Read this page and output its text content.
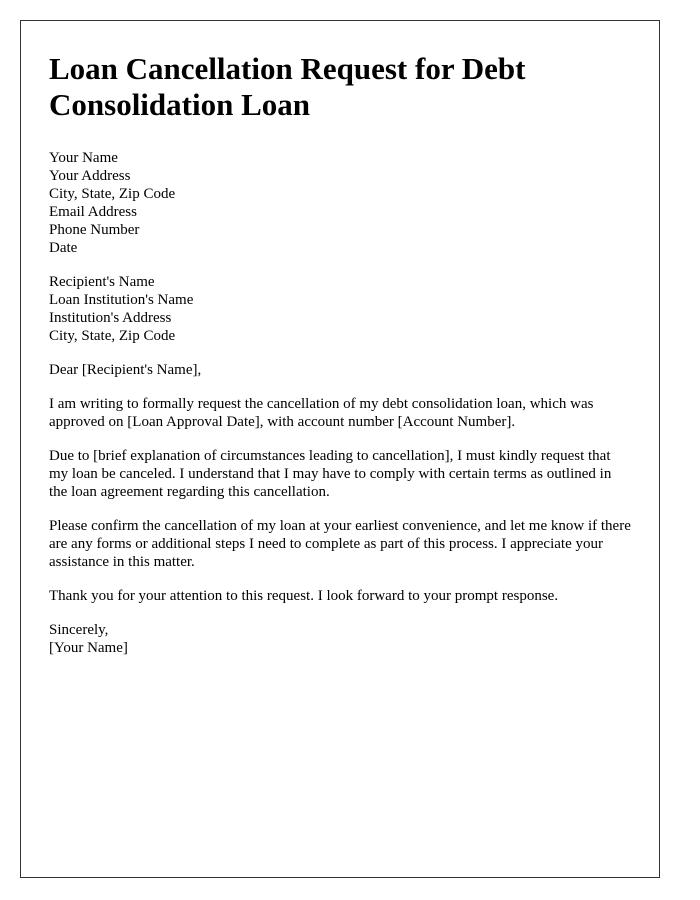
Loan Cancellation Request for Debt Consolidation Loan
Your Name
Your Address
City, State, Zip Code
Email Address
Phone Number
Date
Recipient's Name
Loan Institution's Name
Institution's Address
City, State, Zip Code

Dear [Recipient's Name],

I am writing to formally request the cancellation of my debt consolidation loan, which was approved on [Loan Approval Date], with account number [Account Number].

Due to [brief explanation of circumstances leading to cancellation], I must kindly request that my loan be canceled. I understand that I may have to comply with certain terms as outlined in the loan agreement regarding this cancellation.

Please confirm the cancellation of my loan at your earliest convenience, and let me know if there are any forms or additional steps I need to complete as part of this process. I appreciate your assistance in this matter.

Thank you for your attention to this request. I look forward to your prompt response.

Sincerely,
[Your Name]
